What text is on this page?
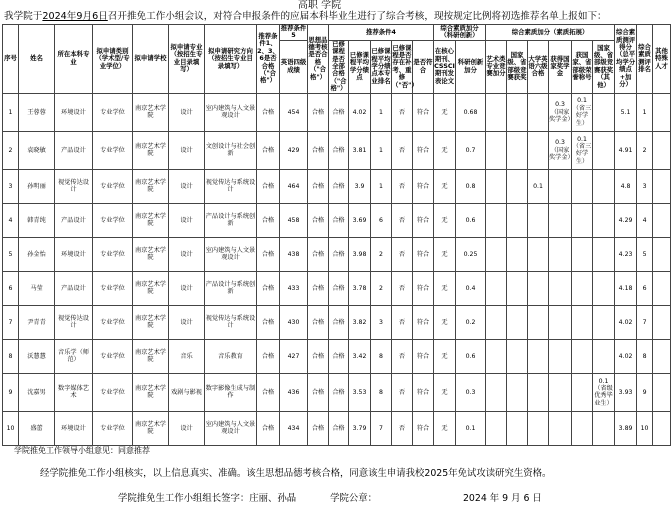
高职 学院
我学院于2024年9月6日召开推免工作小组会议，对符合申报条件的应届本科毕业生进行了综合考核，现按规定比例将初选推荐名单上报如下：
序号	姓名	所在本科专业	拟申请类别（学术型/专业学位）	拟申请学校	拟申请专业（按招生专业目录填写）	拟申请研究方向（按招生专业目录填写）	推荐条件1、2、3、6是否合格（"合格"）	推荐条件5	思想品德考核是否合格（"合格"）	推荐条件4					综合素质加分（科研创新）		综合素质加分（素质拓展）						综合素质测评得分（总平均学分绩点+加分）	综合素质测评排名	其他特殊人才
								英语四级成绩		已修课程是否全部合格（"合格"）	已修课程平均学分绩点	已修课程平均学分绩点本专业排名	已修课程是否存在补考、重修（"否"）	是否符合	在核心期刊、CSSCI期刊发表论文	科研创新加分	艺术类专业竞赛加分	国家级、省部级竞赛获奖	大学英语六级合格	获得国家奖学金	获国家、省部级荣誉称号	国家级、省部级竞赛获奖（其他）			
1	王蓉蓉	环境设计	专业学位	南京艺术学院	设计	室内建筑与人文景观设计	合格	454	合格	合格	4.02	1	否	符合	无	0.68				0.3（国家奖学金）	0.1（省三好学生）		5.1	1	
2	袁晓敏	产品设计	专业学位	南京艺术学院	设计	文创设计与社会创新	合格	429	合格	合格	3.81	1	否	符合	无	0.7				0.3（国家奖学金）	0.1（省三好学生）		4.91	2	
3	孙明丽	视觉传达设计	专业学位	南京艺术学院	设计	视觉传达与系统设计	合格	464	合格	合格	3.9	1	否	符合	无	0.8			0.1				4.8	3	
4	韩青纯	产品设计	专业学位	南京艺术学院	设计	产品设计与系统创新	合格	458	合格	合格	3.69	6	否	符合	无	0.6							4.29	4	
5	孙金怡	环境设计	专业学位	南京艺术学院	设计	室内建筑与人文景观设计	合格	438	合格	合格	3.98	2	否	符合	无	0.25							4.23	5	
6	马莹	产品设计	专业学位	南京艺术学院	设计	产品设计与系统创新	合格	433	合格	合格	3.78	2	否	符合	无	0.4							4.18	6	
7	尹青青	视觉传达设计	专业学位	南京艺术学院	设计	视觉传达与系统设计	合格	430	合格	合格	3.82	3	否	符合	无	0.2							4.02	7	
8	沃慧慧	音乐学（师范）	专业学位	南京艺术学院	音乐	音乐教育	合格	427	合格	合格	3.42	8	否	符合	无	0.6							4.02	8	
9	沈嘉男	数字媒体艺术	专业学位	南京艺术学院	戏剧与影视	数字影像生成与制作	合格	436	合格	合格	3.53	8	否	符合	无	0.3						0.1（省级优秀毕业生）	3.93	9	
10	盛蕾	环境设计	专业学位	南京艺术学院	设计	室内建筑与人文景观设计	合格	434	合格	合格	3.79	7	否	符合	无	0.1							3.89	10	
学院推免工作领导小组意见：同意推荐
经学院推免工作小组核实，以上信息真实、准确。该生思想品德考核合格，同意该生申请我校2025年免试攻读研究生资格。
学院推免生工作小组组长签字：庄丽、孙晶	学院公章：	2024 年 9 月 6 日
